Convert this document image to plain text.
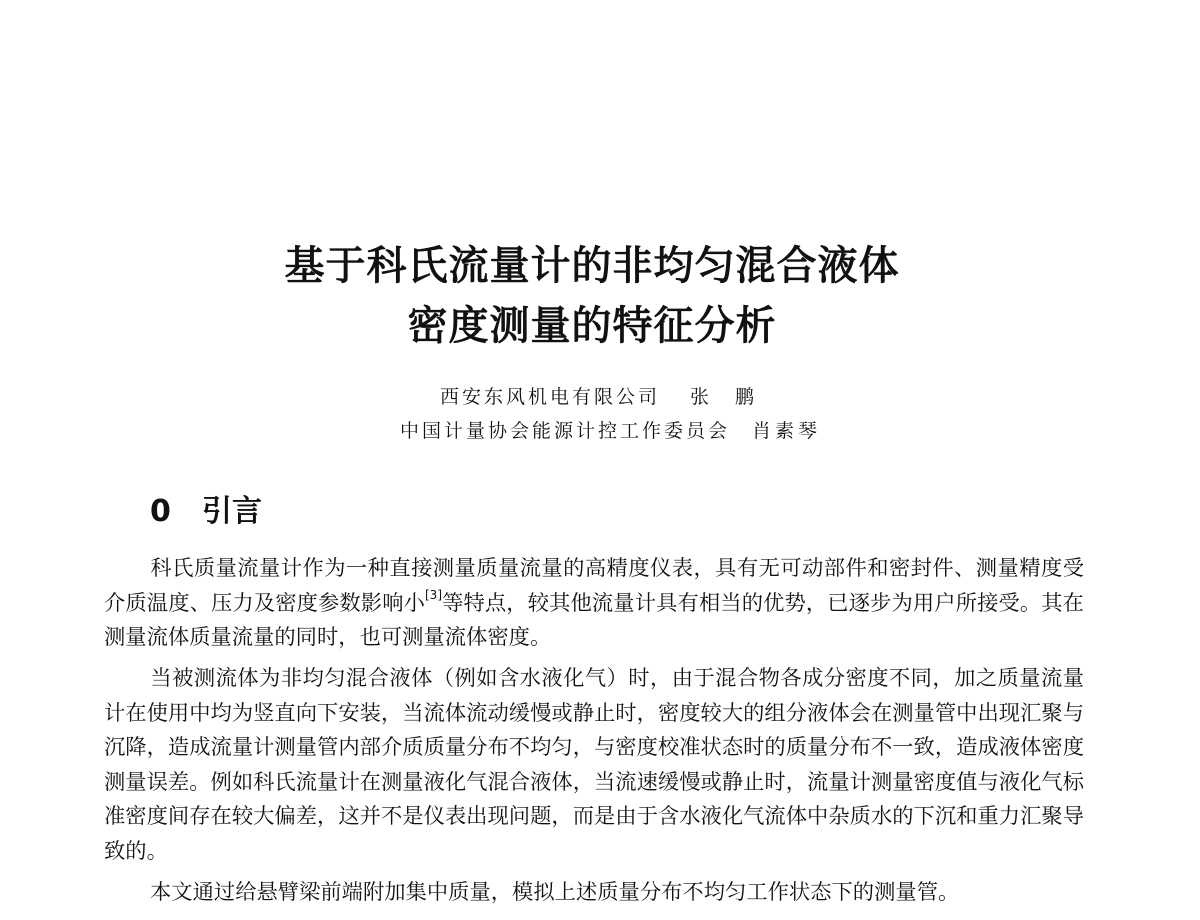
基于科氏流量计的非均匀混合液体
密度测量的特征分析
西安东风机电有限公司 张 鹏
中国计量协会能源计控工作委员会 肖素琴
0 引言

科氏质量流量计作为一种直接测量质量流量的高精度仪表，具有无可动部件和密封件、测量精度受介质温度、压力及密度参数影响小[3]等特点，较其他流量计具有相当的优势，已逐步为用户所接受。其在测量流体质量流量的同时，也可测量流体密度。

当被测流体为非均匀混合液体（例如含水液化气）时，由于混合物各成分密度不同，加之质量流量计在使用中均为竖直向下安装，当流体流动缓慢或静止时，密度较大的组分液体会在测量管中出现汇聚与沉降，造成流量计测量管内部介质质量分布不均匀，与密度校准状态时的质量分布不一致，造成液体密度测量误差。例如科氏流量计在测量液化气混合液体，当流速缓慢或静止时，流量计测量密度值与液化气标准密度间存在较大偏差，这并不是仪表出现问题，而是由于含水液化气流体中杂质水的下沉和重力汇聚导致的。

本文通过给悬臂梁前端附加集中质量，模拟上述质量分布不均匀工作状态下的测量管。
